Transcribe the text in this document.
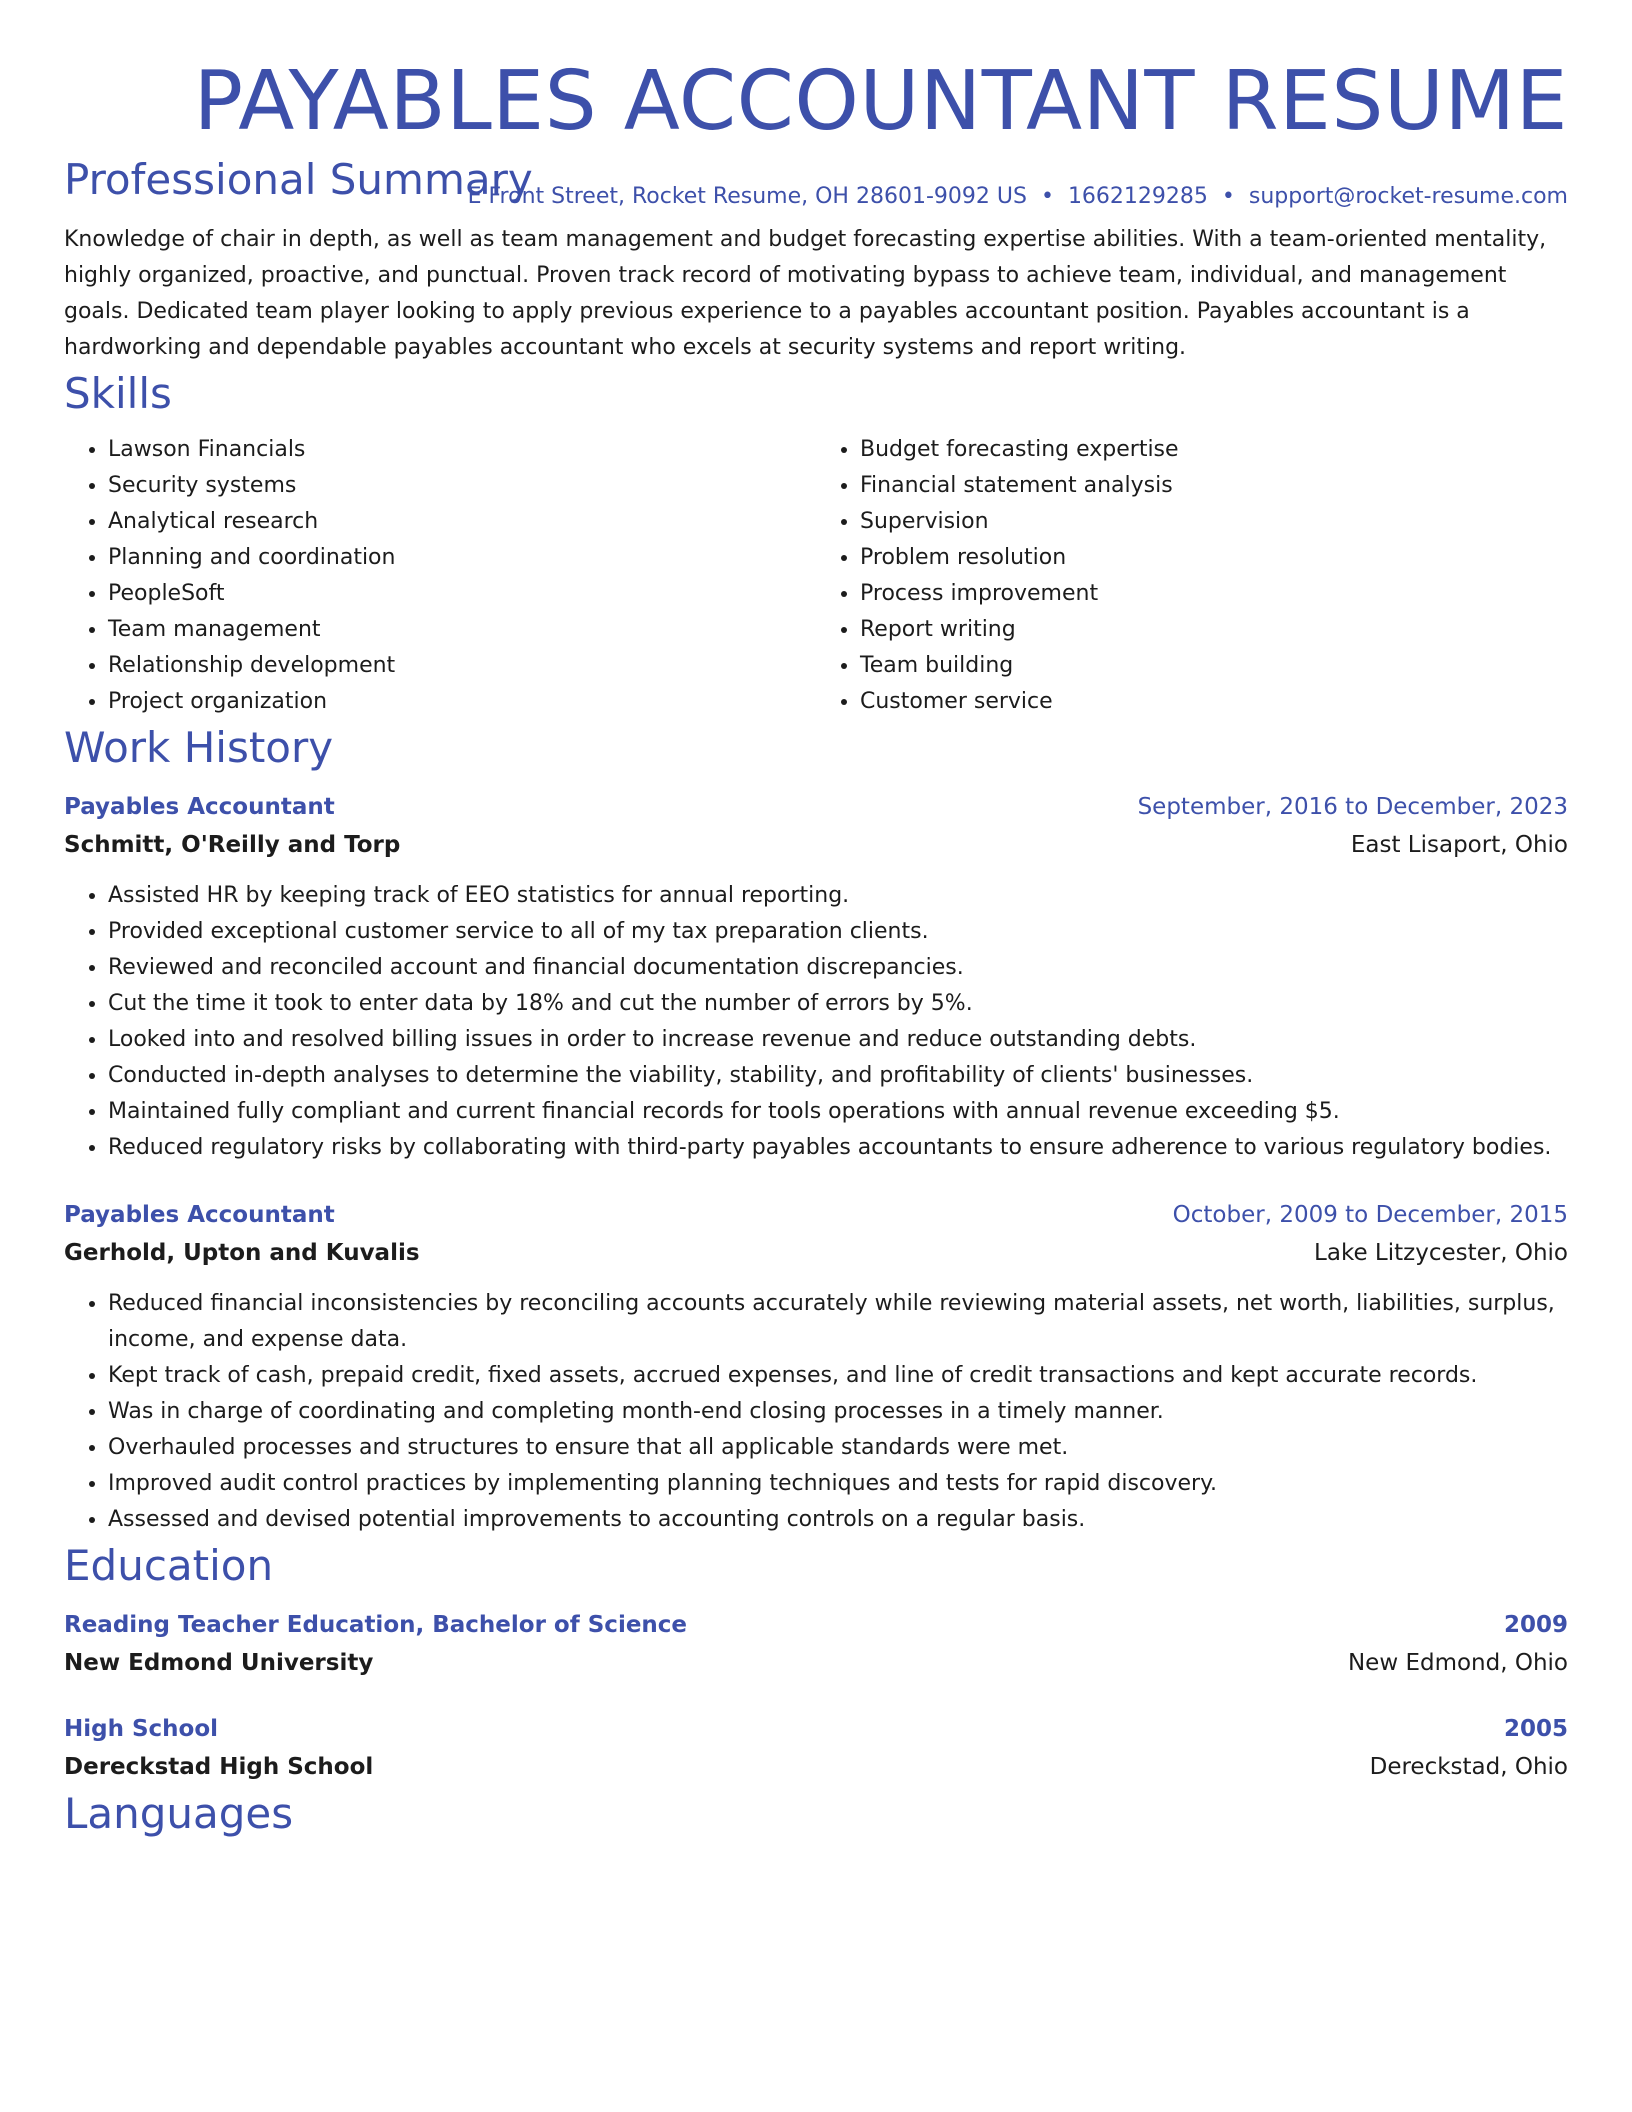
PAYABLES ACCOUNTANT RESUME
E Front Street, Rocket Resume, OH 28601-9092 US • 1662129285 • support@rocket-resume.com
Professional Summary
Knowledge of chair in depth, as well as team management and budget forecasting expertise abilities. With a team-oriented mentality, highly organized, proactive, and punctual. Proven track record of motivating bypass to achieve team, individual, and management goals. Dedicated team player looking to apply previous experience to a payables accountant position. Payables accountant is a hardworking and dependable payables accountant who excels at security systems and report writing.
Skills
• Lawson Financials
• Security systems
• Analytical research
• Planning and coordination
• PeopleSoft
• Team management
• Relationship development
• Project organization
• Budget forecasting expertise
• Financial statement analysis
• Supervision
• Problem resolution
• Process improvement
• Report writing
• Team building
• Customer service
Work History
Payables Accountant	September, 2016 to December, 2023
Schmitt, O'Reilly and Torp	East Lisaport, Ohio
• Assisted HR by keeping track of EEO statistics for annual reporting.
• Provided exceptional customer service to all of my tax preparation clients.
• Reviewed and reconciled account and financial documentation discrepancies.
• Cut the time it took to enter data by 18% and cut the number of errors by 5%.
• Looked into and resolved billing issues in order to increase revenue and reduce outstanding debts.
• Conducted in-depth analyses to determine the viability, stability, and profitability of clients' businesses.
• Maintained fully compliant and current financial records for tools operations with annual revenue exceeding $5.
• Reduced regulatory risks by collaborating with third-party payables accountants to ensure adherence to various regulatory bodies.
Payables Accountant	October, 2009 to December, 2015
Gerhold, Upton and Kuvalis	Lake Litzycester, Ohio
• Reduced financial inconsistencies by reconciling accounts accurately while reviewing material assets, net worth, liabilities, surplus, income, and expense data.
• Kept track of cash, prepaid credit, fixed assets, accrued expenses, and line of credit transactions and kept accurate records.
• Was in charge of coordinating and completing month-end closing processes in a timely manner.
• Overhauled processes and structures to ensure that all applicable standards were met.
• Improved audit control practices by implementing planning techniques and tests for rapid discovery.
• Assessed and devised potential improvements to accounting controls on a regular basis.
Education
Reading Teacher Education, Bachelor of Science	2009
New Edmond University	New Edmond, Ohio
High School	2005
Dereckstad High School	Dereckstad, Ohio
Languages
